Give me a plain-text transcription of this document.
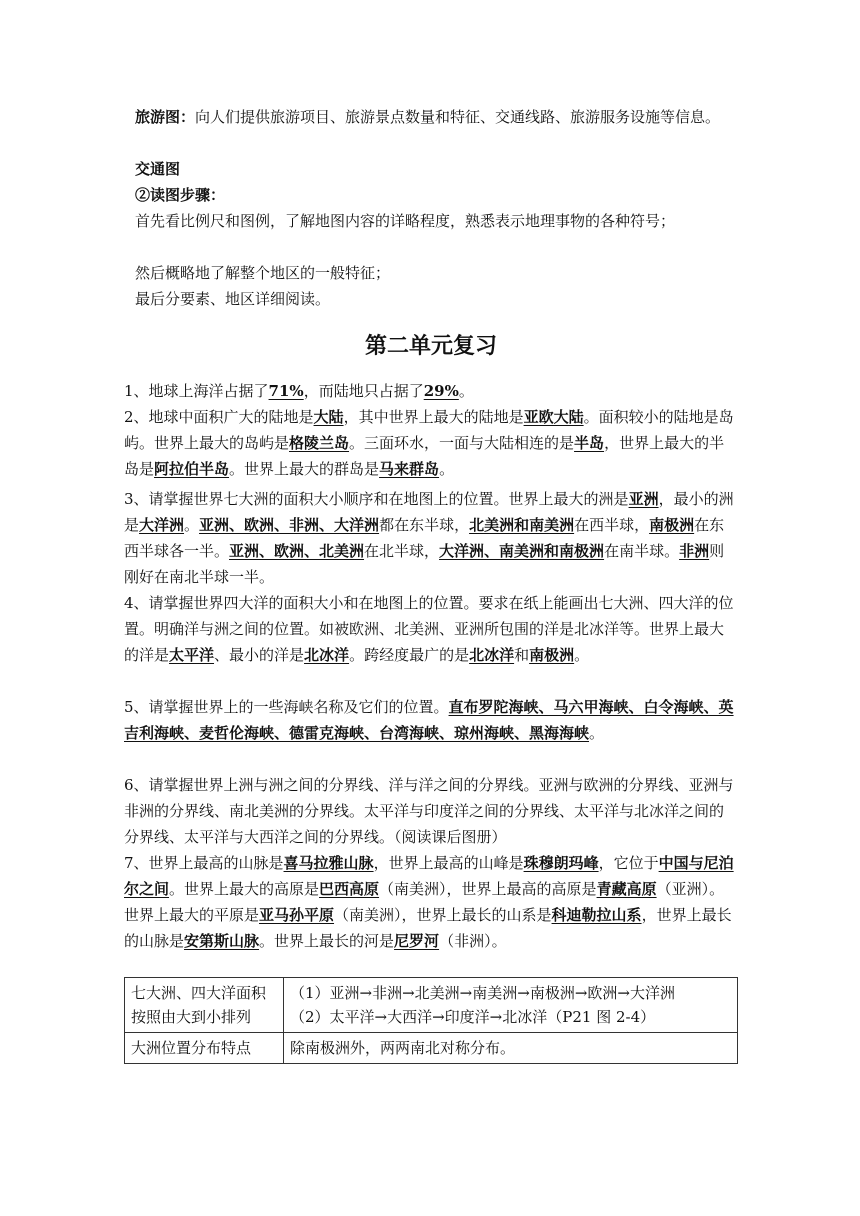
旅游图：向人们提供旅游项目、旅游景点数量和特征、交通线路、旅游服务设施等信息。

交通图

②读图步骤：

首先看比例尺和图例，了解地图内容的详略程度，熟悉表示地理事物的各种符号；

然后概略地了解整个地区的一般特征；

最后分要素、地区详细阅读。

第二单元复习

1、地球上海洋占据了71%，而陆地只占据了29%。

2、地球中面积广大的陆地是大陆，其中世界上最大的陆地是亚欧大陆。面积较小的陆地是岛屿。世界上最大的岛屿是格陵兰岛。三面环水，一面与大陆相连的是半岛，世界上最大的半岛是阿拉伯半岛。世界上最大的群岛是马来群岛。

3、请掌握世界七大洲的面积大小顺序和在地图上的位置。世界上最大的洲是亚洲，最小的洲是大洋洲。亚洲、欧洲、非洲、大洋洲都在东半球，北美洲和南美洲在西半球，南极洲在东西半球各一半。亚洲、欧洲、北美洲在北半球，大洋洲、南美洲和南极洲在南半球。非洲则刚好在南北半球一半。

4、请掌握世界四大洋的面积大小和在地图上的位置。要求在纸上能画出七大洲、四大洋的位置。明确洋与洲之间的位置。如被欧洲、北美洲、亚洲所包围的洋是北冰洋等。世界上最大的洋是太平洋、最小的洋是北冰洋。跨经度最广的是北冰洋和南极洲。

5、请掌握世界上的一些海峡名称及它们的位置。直布罗陀海峡、马六甲海峡、白令海峡、英吉利海峡、麦哲伦海峡、德雷克海峡、台湾海峡、琼州海峡、黑海海峡。

6、请掌握世界上洲与洲之间的分界线、洋与洋之间的分界线。亚洲与欧洲的分界线、亚洲与非洲的分界线、南北美洲的分界线。太平洋与印度洋之间的分界线、太平洋与北冰洋之间的分界线、太平洋与大西洋之间的分界线。（阅读课后图册）

7、世界上最高的山脉是喜马拉雅山脉，世界上最高的山峰是珠穆朗玛峰，它位于中国与尼泊尔之间。世界上最大的高原是巴西高原（南美洲），世界上最高的高原是青藏高原（亚洲）。世界上最大的平原是亚马孙平原（南美洲），世界上最长的山系是科迪勒拉山系，世界上最长的山脉是安第斯山脉。世界上最长的河是尼罗河（非洲）。

七大洲、四大洋面积按照由大到小排列	（1）亚洲→非洲→北美洲→南美洲→南极洲→欧洲→大洋洲
（2）太平洋→大西洋→印度洋→北冰洋（P21 图 2-4）

大洲位置分布特点	除南极洲外，两两南北对称分布。
